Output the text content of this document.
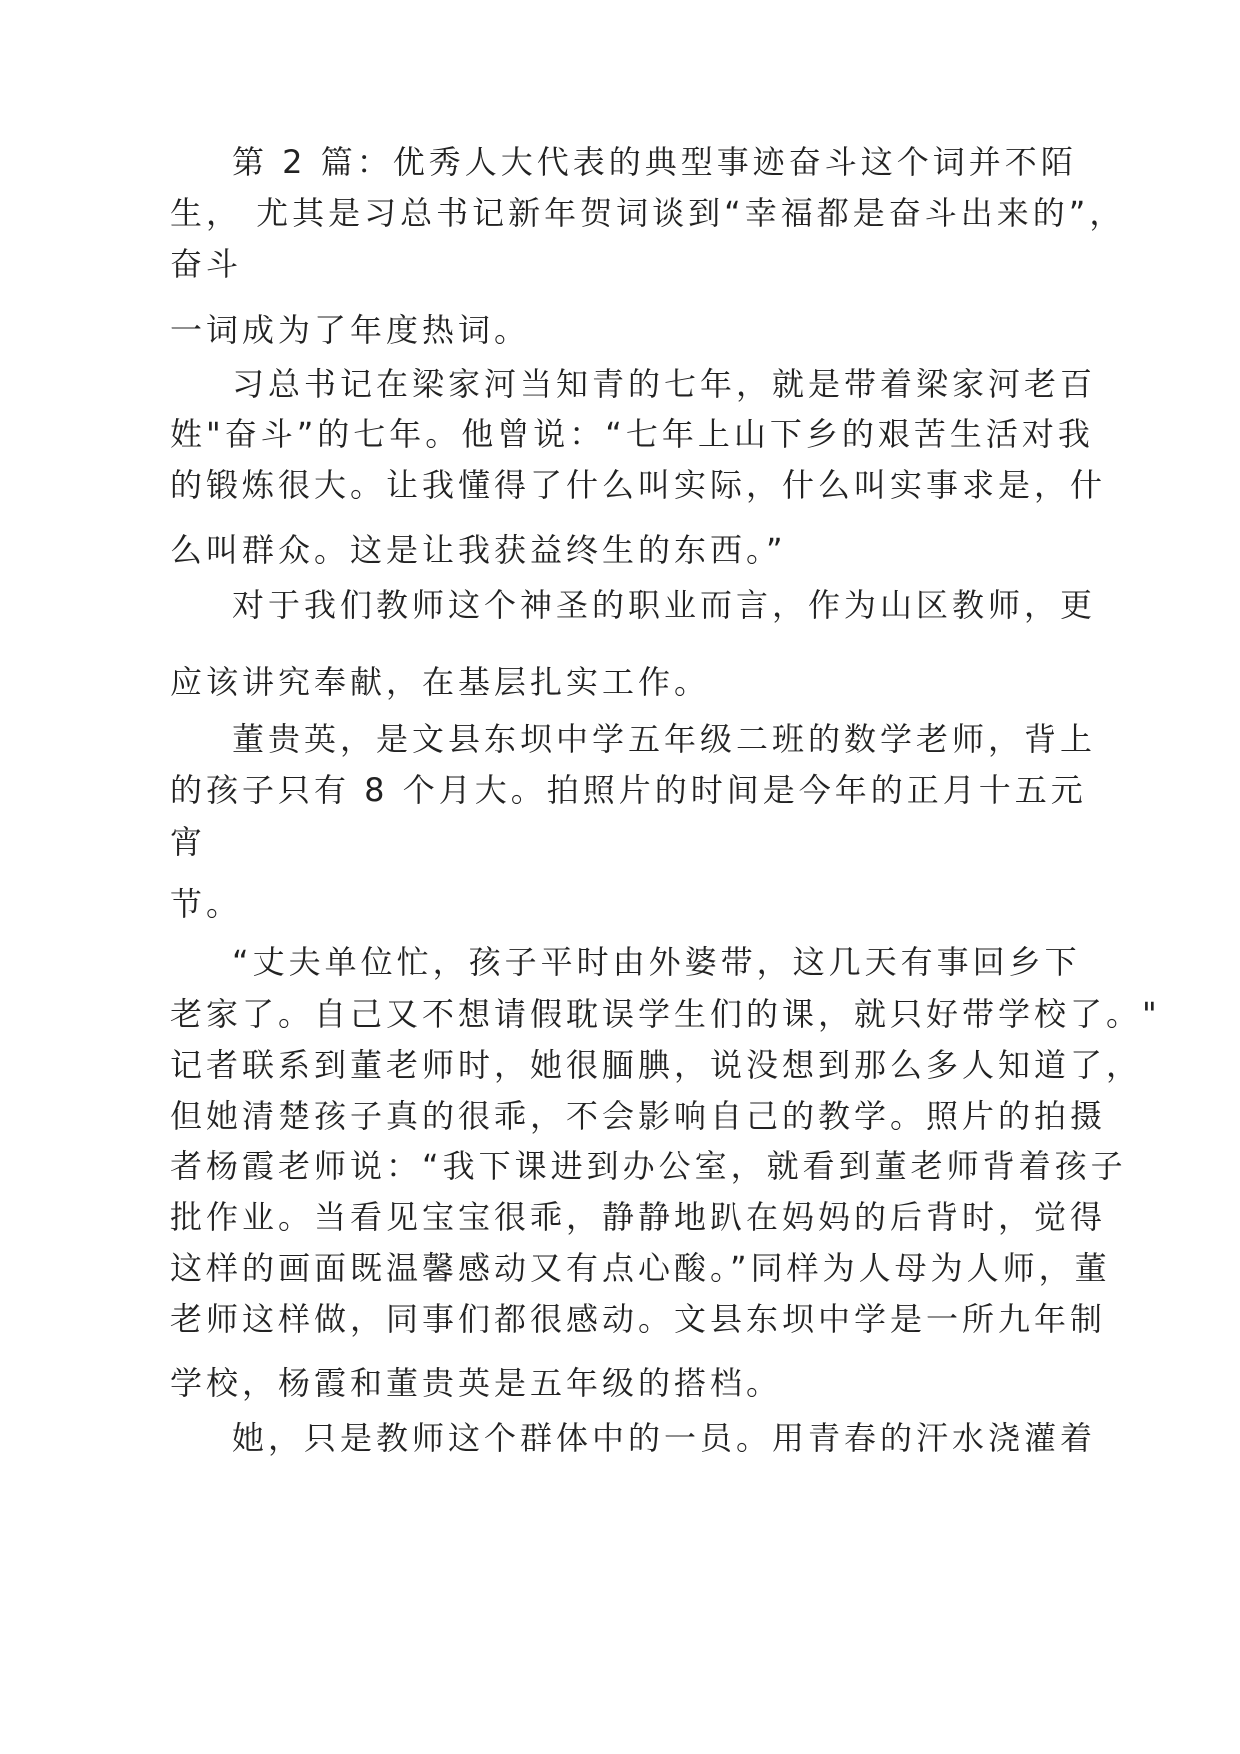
第 2 篇：优秀人大代表的典型事迹奋斗这个词并不陌
生， 尤其是习总书记新年贺词谈到“幸福都是奋斗出来的”，
奋斗
一词成为了年度热词。
习总书记在梁家河当知青的七年，就是带着梁家河老百
姓"奋斗”的七年。他曾说：“七年上山下乡的艰苦生活对我
的锻炼很大。让我懂得了什么叫实际，什么叫实事求是，什
么叫群众。这是让我获益终生的东西。”
对于我们教师这个神圣的职业而言，作为山区教师，更
应该讲究奉献，在基层扎实工作。
董贵英，是文县东坝中学五年级二班的数学老师，背上
的孩子只有 8 个月大。拍照片的时间是今年的正月十五元
宵
节。
“丈夫单位忙，孩子平时由外婆带，这几天有事回乡下
老家了。自己又不想请假耽误学生们的课，就只好带学校了。"
记者联系到董老师时，她很腼腆，说没想到那么多人知道了，
但她清楚孩子真的很乖，不会影响自己的教学。照片的拍摄
者杨霞老师说：“我下课进到办公室，就看到董老师背着孩子
批作业。当看见宝宝很乖，静静地趴在妈妈的后背时，觉得
这样的画面既温馨感动又有点心酸。”同样为人母为人师，董
老师这样做，同事们都很感动。文县东坝中学是一所九年制
学校，杨霞和董贵英是五年级的搭档。
她，只是教师这个群体中的一员。用青春的汗水浇灌着
